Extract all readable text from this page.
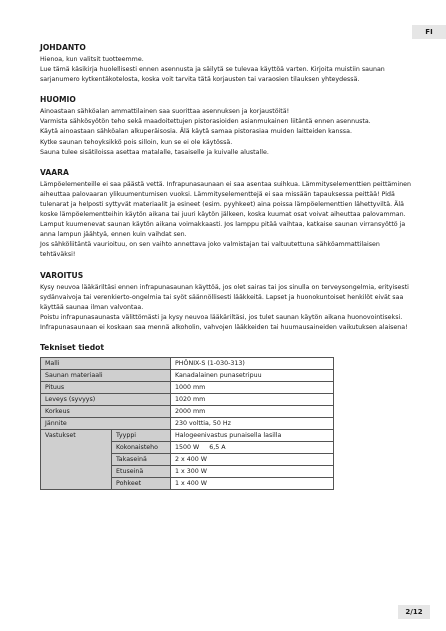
FI
JOHDANTO

Hienoa, kun valitsit tuotteemme.

Lue tämä käsikirja huolellisesti ennen asennusta ja säilytä se tulevaa käyttöä varten. Kirjoita muistiin saunan sarjanumero kytkentäkotelosta, koska voit tarvita tätä korjausten tai varaosien tilauksen yhteydessä.

HUOMIO

Ainoastaan sähköalan ammattilainen saa suorittaa asennuksen ja korjaustöitä!

Varmista sähkösyötön teho sekä maadoitettujen pistorasioiden asianmukainen liitäntä ennen asennusta.

Käytä ainoastaan sähköalan alkuperäisosia. Älä käytä samaa pistorasiaa muiden laitteiden kanssa.

Kytke saunan tehoyksikkö pois silloin, kun se ei ole käytössä.

Sauna tulee sisätiloissa asettaa matalalle, tasaiselle ja kuivalle alustalle.

VAARA

Lämpöelementeille ei saa päästä vettä. Infrapunasaunaan ei saa asentaa suihkua. Lämmityselementtien peittäminen aiheuttaa palovaaran ylikuumentumisen vuoksi. Lämmityselementtejä ei saa missään tapauksessa peittää! Pidä tulenarat ja helposti syttyvät materiaalit ja esineet (esim. pyyhkeet) aina poissa lämpöelementtien lähettyviltä. Älä koske lämpöelementteihin käytön aikana tai juuri käytön jälkeen, koska kuumat osat voivat aiheuttaa palovamman.

Lamput kuumenevat saunan käytön aikana voimakkaasti. Jos lamppu pitää vaihtaa, katkaise saunan virransyöttö ja anna lampun jäähtyä, ennen kuin vaihdat sen.

Jos sähköliitäntä vaurioituu, on sen vaihto annettava joko valmistajan tai valtuutettuna sähköammattilaisen tehtäväksi!

VAROITUS

Kysy neuvoa lääkäriltäsi ennen infrapunasaunan käyttöä, jos olet sairas tai jos sinulla on terveysongelmia, erityisesti sydänvaivoja tai verenkierto-ongelmia tai syöt säännöllisesti lääkkeitä. Lapset ja huonokuntoiset henkilöt eivät saa käyttää saunaa ilman valvontaa.

Poistu infrapunasaunasta välittömästi ja kysy neuvoa lääkäriltäsi, jos tulet saunan käytön aikana huonovointiseksi. Infrapunasaunaan ei koskaan saa mennä alkoholin, vahvojen lääkkeiden tai huumausaineiden vaikutuksen alaisena!

Tekniset tiedot
Malli		PHÖNIX-S (1-030-313)
Saunan materiaali		Kanadalainen punasetripuu
Pituus		1000 mm
Leveys (syvyys)		1020 mm
Korkeus		2000 mm
Jännite		230 volttia, 50 Hz
Vastukset	Tyyppi	Halogeenivastus punaisella lasilla
	Kokonaisteho	1500 W     6,5 A
	Takaseinä	2 x 400 W
	Etuseinä	1 x 300 W
	Pohkeet	1 x 400 W
2/12
